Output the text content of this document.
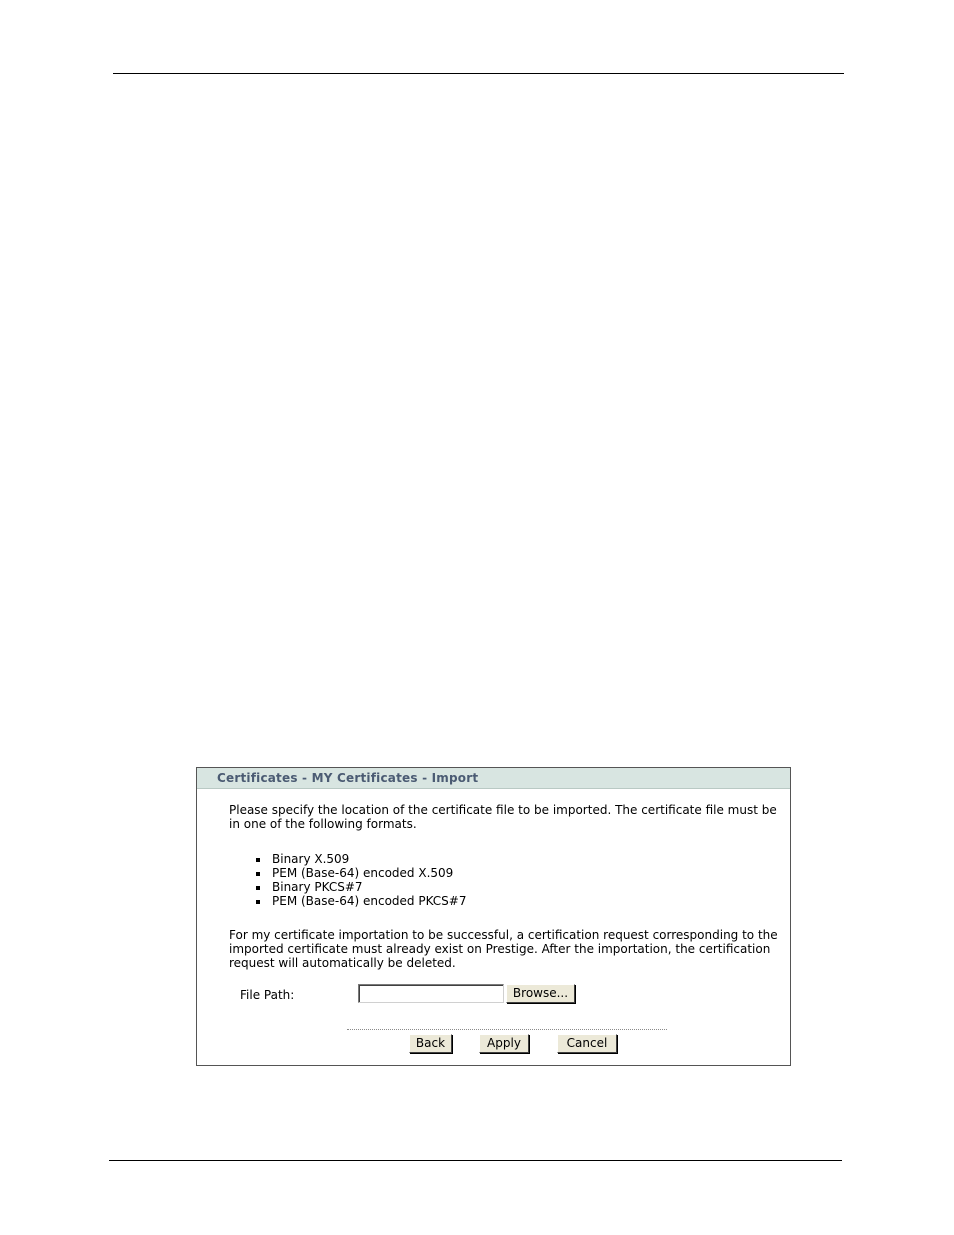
Certificates - MY Certificates - Import
Please specify the location of the certificate file to be imported. The certificate file must be
in one of the following formats.
Binary X.509
PEM (Base-64) encoded X.509
Binary PKCS#7
PEM (Base-64) encoded PKCS#7
For my certificate importation to be successful, a certification request corresponding to the
imported certificate must already exist on Prestige. After the importation, the certification
request will automatically be deleted.
File Path:	Browse...
Back	Apply	Cancel
